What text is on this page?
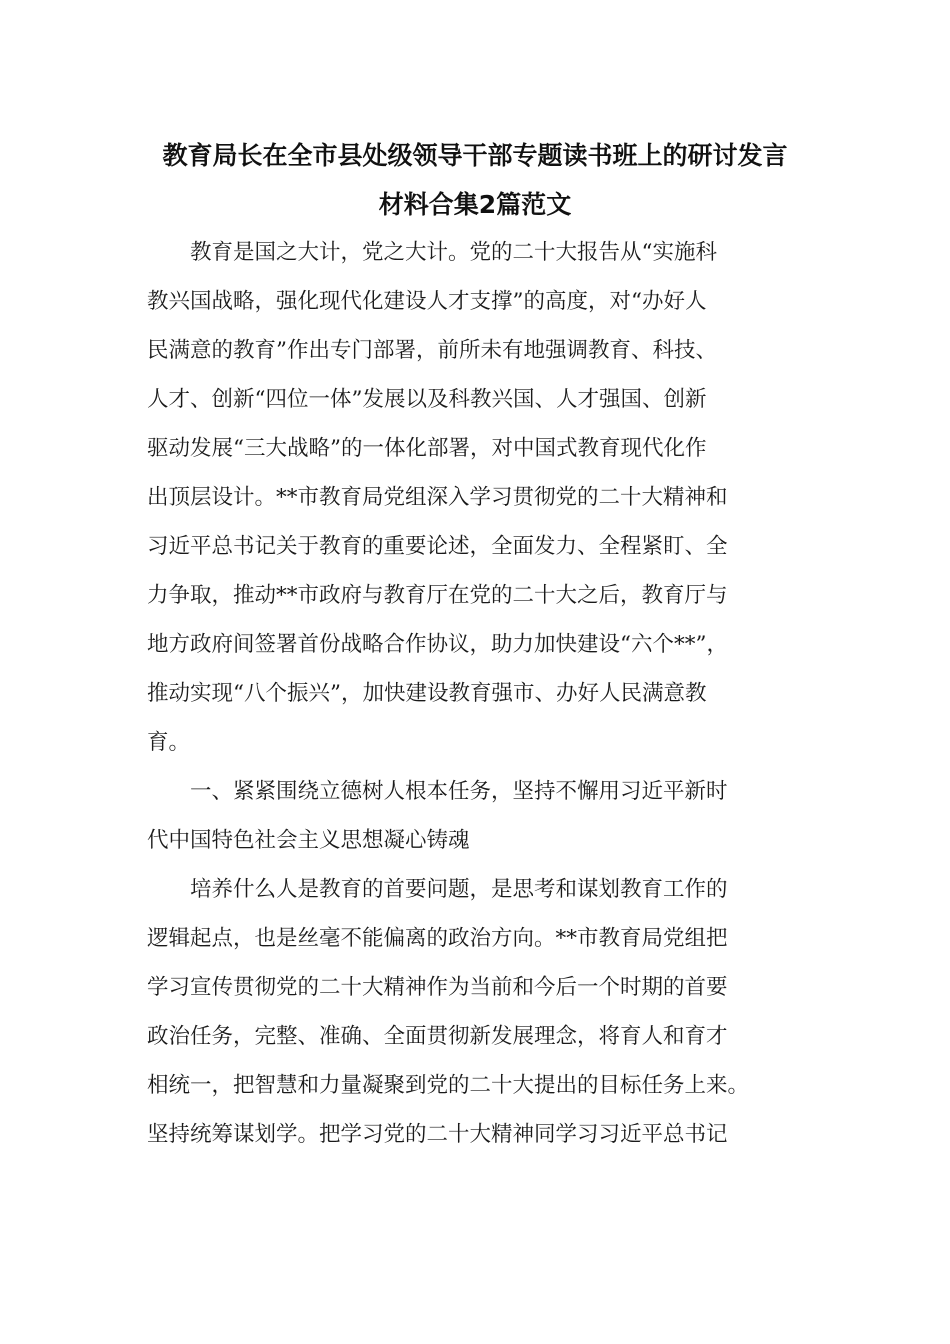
教育局长在全市县处级领导干部专题读书班上的研讨发言
材料合集2篇范文
教育是国之大计，党之大计。党的二十大报告从“实施科
教兴国战略，强化现代化建设人才支撑”的高度，对“办好人
民满意的教育”作出专门部署，前所未有地强调教育、科技、
人才、创新“四位一体”发展以及科教兴国、人才强国、创新
驱动发展“三大战略”的一体化部署，对中国式教育现代化作
出顶层设计。**市教育局党组深入学习贯彻党的二十大精神和
习近平总书记关于教育的重要论述，全面发力、全程紧盯、全
力争取，推动**市政府与教育厅在党的二十大之后，教育厅与
地方政府间签署首份战略合作协议，助力加快建设“六个**”，
推动实现“八个振兴”，加快建设教育强市、办好人民满意教
育。
一、紧紧围绕立德树人根本任务，坚持不懈用习近平新时
代中国特色社会主义思想凝心铸魂
培养什么人是教育的首要问题，是思考和谋划教育工作的
逻辑起点，也是丝毫不能偏离的政治方向。**市教育局党组把
学习宣传贯彻党的二十大精神作为当前和今后一个时期的首要
政治任务，完整、准确、全面贯彻新发展理念，将育人和育才
相统一，把智慧和力量凝聚到党的二十大提出的目标任务上来。
坚持统筹谋划学。把学习党的二十大精神同学习习近平总书记
